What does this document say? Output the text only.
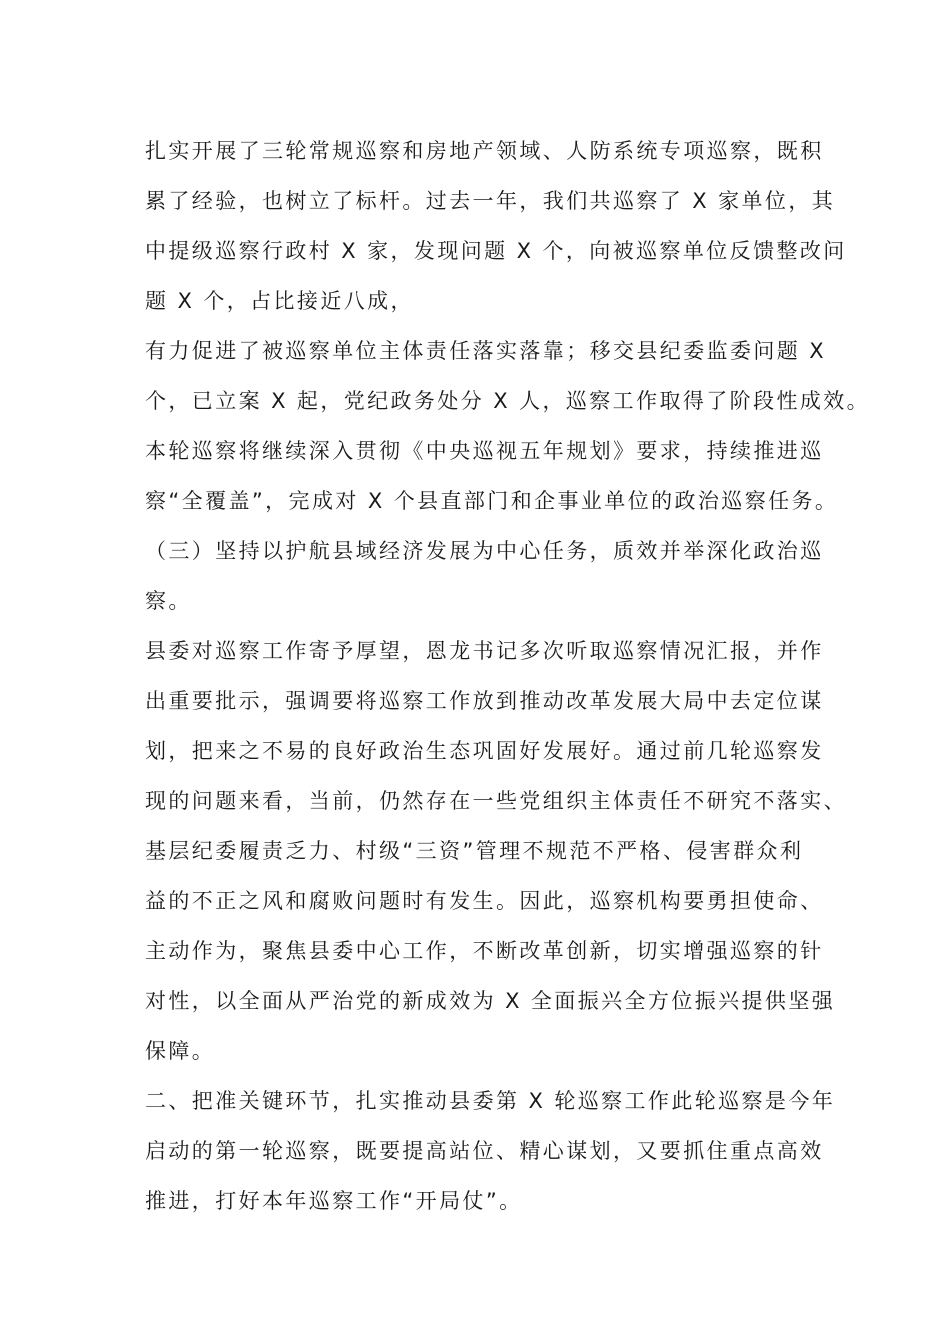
扎实开展了三轮常规巡察和房地产领域、人防系统专项巡察，既积

累了经验，也树立了标杆。过去一年，我们共巡察了 X 家单位，其

中提级巡察行政村 X 家，发现问题 X 个，向被巡察单位反馈整改问

题 X 个，占比接近八成，

有力促进了被巡察单位主体责任落实落靠；移交县纪委监委问题 X

个，已立案 X 起，党纪政务处分 X 人，巡察工作取得了阶段性成效。

本轮巡察将继续深入贯彻《中央巡视五年规划》要求，持续推进巡

察“全覆盖”，完成对 X 个县直部门和企事业单位的政治巡察任务。

（三）坚持以护航县域经济发展为中心任务，质效并举深化政治巡

察。

县委对巡察工作寄予厚望，恩龙书记多次听取巡察情况汇报，并作

出重要批示，强调要将巡察工作放到推动改革发展大局中去定位谋

划，把来之不易的良好政治生态巩固好发展好。通过前几轮巡察发

现的问题来看，当前，仍然存在一些党组织主体责任不研究不落实、

基层纪委履责乏力、村级“三资”管理不规范不严格、侵害群众利

益的不正之风和腐败问题时有发生。因此，巡察机构要勇担使命、

主动作为，聚焦县委中心工作，不断改革创新，切实增强巡察的针

对性，以全面从严治党的新成效为 X 全面振兴全方位振兴提供坚强

保障。

二、把准关键环节，扎实推动县委第 X 轮巡察工作此轮巡察是今年

启动的第一轮巡察，既要提高站位、精心谋划，又要抓住重点高效

推进，打好本年巡察工作“开局仗”。
